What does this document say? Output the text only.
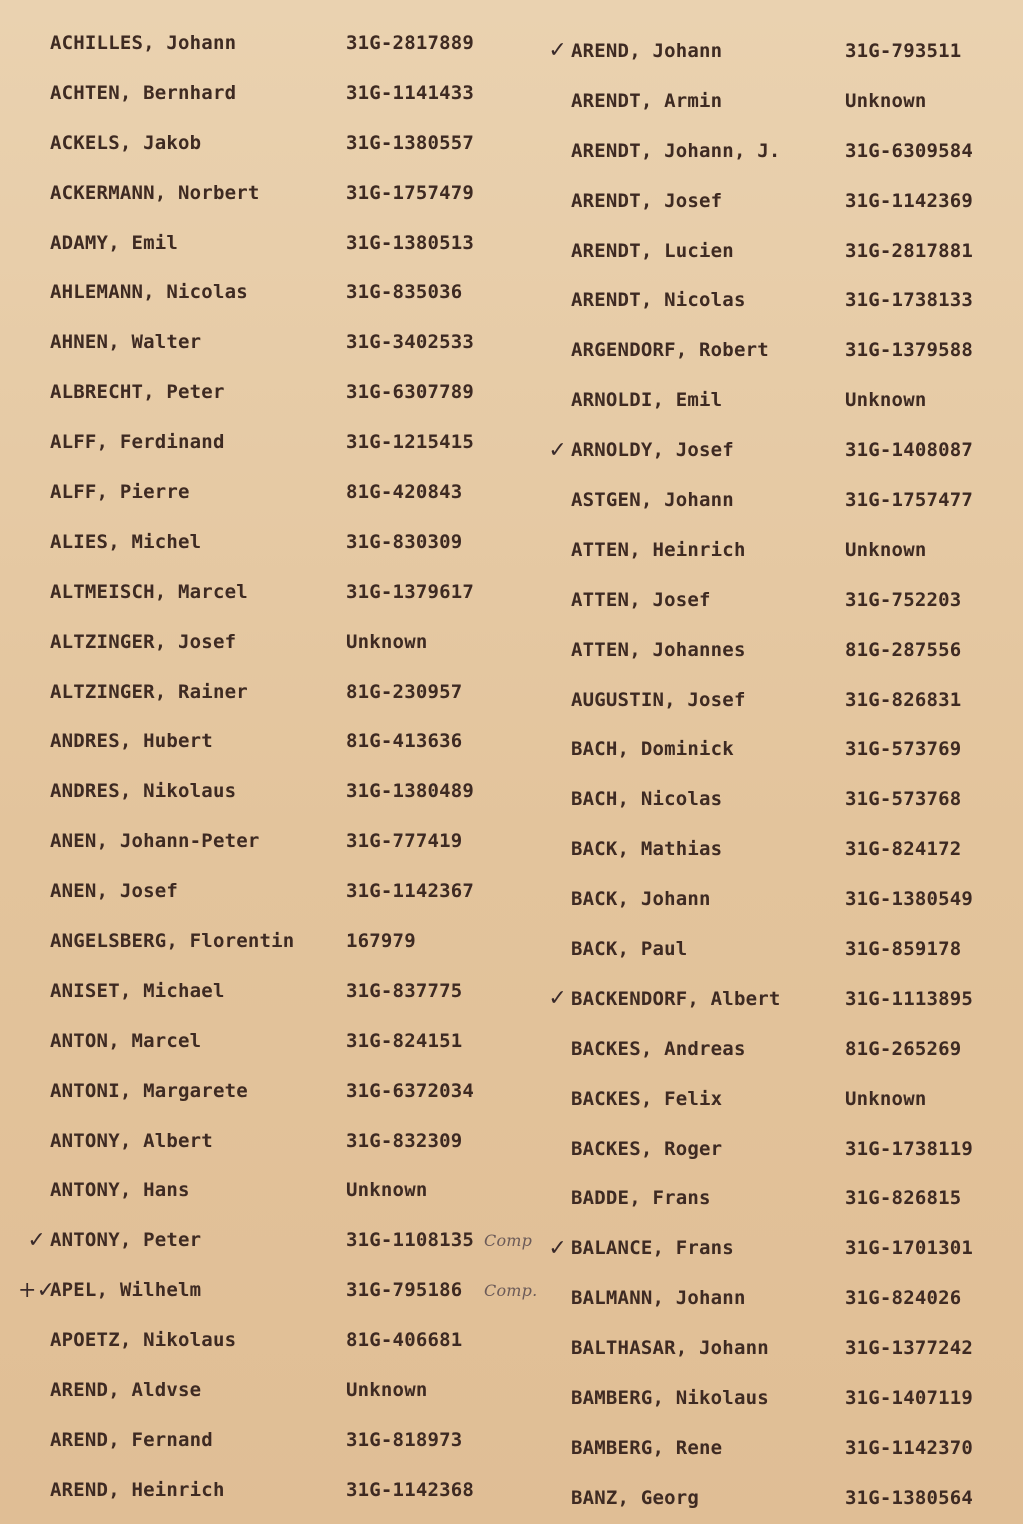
ACHILLES, Johann	31G-2817889
ACHTEN, Bernhard	31G-1141433
ACKELS, Jakob	31G-1380557
ACKERMANN, Norbert	31G-1757479
ADAMY, Emil	31G-1380513
AHLEMANN, Nicolas	31G-835036
AHNEN, Walter	31G-3402533
ALBRECHT, Peter	31G-6307789
ALFF, Ferdinand	31G-1215415
ALFF, Pierre	81G-420843
ALIES, Michel	31G-830309
ALTMEISCH, Marcel	31G-1379617
ALTZINGER, Josef	Unknown
ALTZINGER, Rainer	81G-230957
ANDRES, Hubert	81G-413636
ANDRES, Nikolaus	31G-1380489
ANEN, Johann-Peter	31G-777419
ANEN, Josef	31G-1142367
ANGELSBERG, Florentin	167979
ANISET, Michael	31G-837775
ANTON, Marcel	31G-824151
ANTONI, Margarete	31G-6372034
ANTONY, Albert	31G-832309
ANTONY, Hans	Unknown
✓ ANTONY, Peter	31G-1108135 Comp
+✓
APEL, Wilhelm	31G-795186	Comp.
APOETZ, Nikolaus	81G-406681
AREND, Aldvse	Unknown
AREND, Fernand	31G-818973
AREND, Heinrich	31G-1142368
✓ AREND, Johann	31G-793511
ARENDT, Armin	Unknown
ARENDT, Johann, J.	31G-6309584
ARENDT, Josef	31G-1142369
ARENDT, Lucien	31G-2817881
ARENDT, Nicolas	31G-1738133
ARGENDORF, Robert	31G-1379588
ARNOLDI, Emil	Unknown
✓ ARNOLDY, Josef	31G-1408087
ASTGEN, Johann	31G-1757477
ATTEN, Heinrich	Unknown
ATTEN, Josef	31G-752203
ATTEN, Johannes	81G-287556
AUGUSTIN, Josef	31G-826831
BACH, Dominick	31G-573769
BACH, Nicolas	31G-573768
BACK, Mathias	31G-824172
BACK, Johann	31G-1380549
BACK, Paul	31G-859178
✓ BACKENDORF, Albert	31G-1113895
BACKES, Andreas	81G-265269
BACKES, Felix	Unknown
BACKES, Roger	31G-1738119
BADDE, Frans	31G-826815
✓ BALANCE, Frans	31G-1701301
BALMANN, Johann	31G-824026
BALTHASAR, Johann	31G-1377242
BAMBERG, Nikolaus	31G-1407119
BAMBERG, Rene	31G-1142370
BANZ, Georg	31G-1380564
